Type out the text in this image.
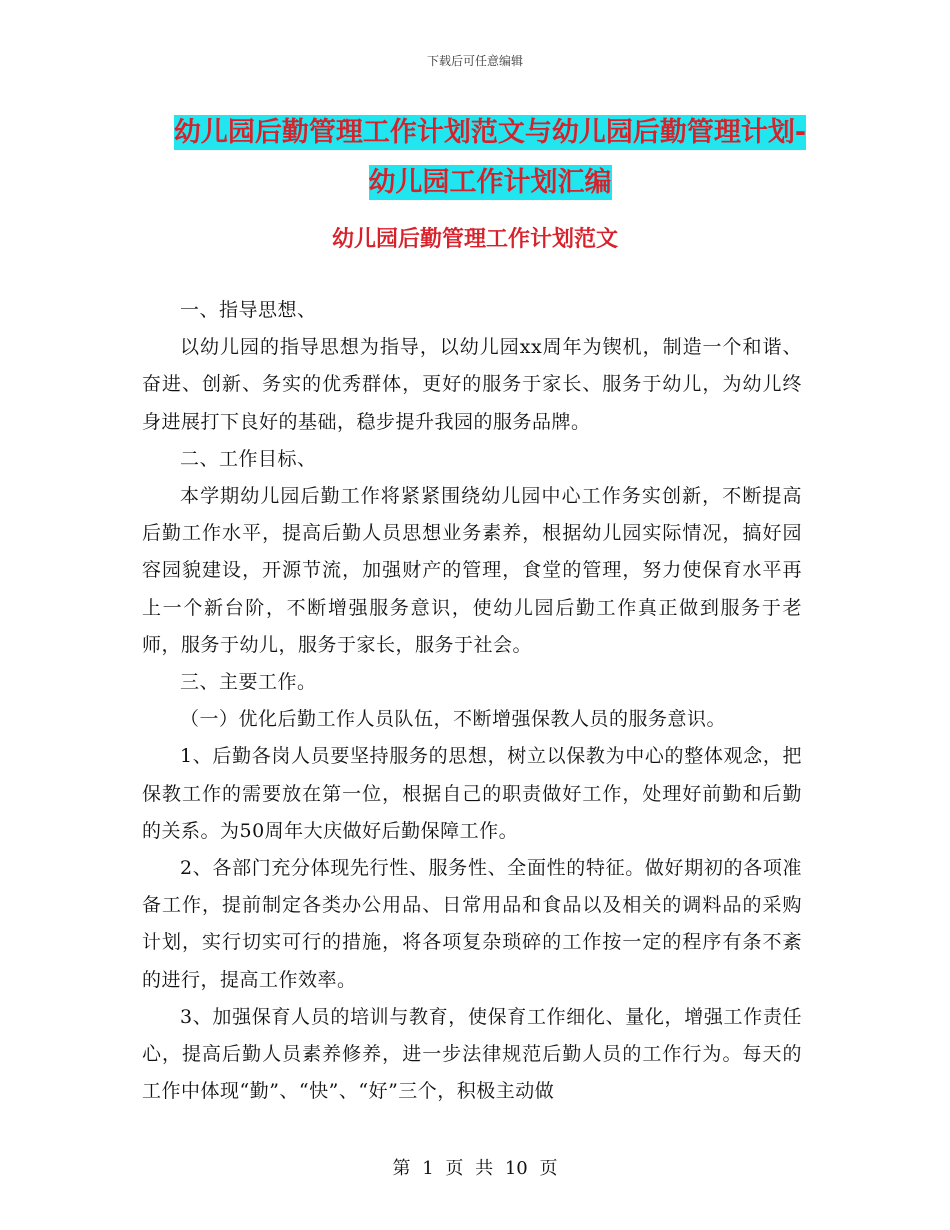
下载后可任意编辑
幼儿园后勤管理工作计划范文与幼儿园后勤管理计划-
幼儿园工作计划汇编
幼儿园后勤管理工作计划范文

一、指导思想、

以幼儿园的指导思想为指导，以幼儿园xx周年为锲机，制造一个和谐、奋进、创新、务实的优秀群体，更好的服务于家长、服务于幼儿，为幼儿终身进展打下良好的基础，稳步提升我园的服务品牌。

二、工作目标、

本学期幼儿园后勤工作将紧紧围绕幼儿园中心工作务实创新，不断提高后勤工作水平，提高后勤人员思想业务素养，根据幼儿园实际情况，搞好园容园貌建设，开源节流，加强财产的管理，食堂的管理，努力使保育水平再上一个新台阶，不断增强服务意识，使幼儿园后勤工作真正做到服务于老师，服务于幼儿，服务于家长，服务于社会。

三、主要工作。

（一）优化后勤工作人员队伍，不断增强保教人员的服务意识。

1、后勤各岗人员要坚持服务的思想，树立以保教为中心的整体观念，把保教工作的需要放在第一位，根据自己的职责做好工作，处理好前勤和后勤的关系。为50周年大庆做好后勤保障工作。

2、各部门充分体现先行性、服务性、全面性的特征。做好期初的各项准备工作，提前制定各类办公用品、日常用品和食品以及相关的调料品的采购计划，实行切实可行的措施，将各项复杂琐碎的工作按一定的程序有条不紊的进行，提高工作效率。

3、加强保育人员的培训与教育，使保育工作细化、量化，增强工作责任心，提高后勤人员素养修养，进一步法律规范后勤人员的工作行为。每天的工作中体现“勤”、“快”、“好”三个，积极主动做

第 1 页 共 10 页
